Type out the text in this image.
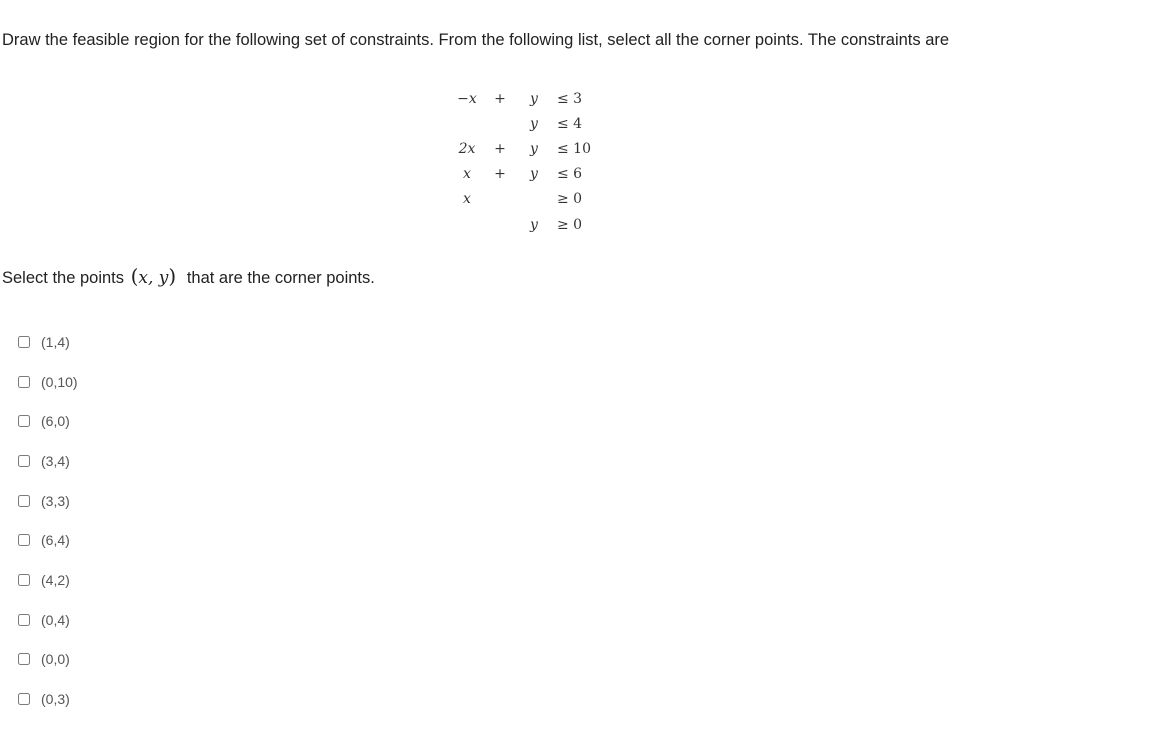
Draw the feasible region for the following set of constraints. From the following list, select all the corner points. The constraints are
−x	+	y	≤ 3
		y	≤ 4
2x	+	y	≤ 10
x	+	y	≤ 6
x			≥ 0
		y	≥ 0
Select the points (x, y) that are the corner points.
(1,4)
(0,10)
(6,0)
(3,4)
(3,3)
(6,4)
(4,2)
(0,4)
(0,0)
(0,3)
